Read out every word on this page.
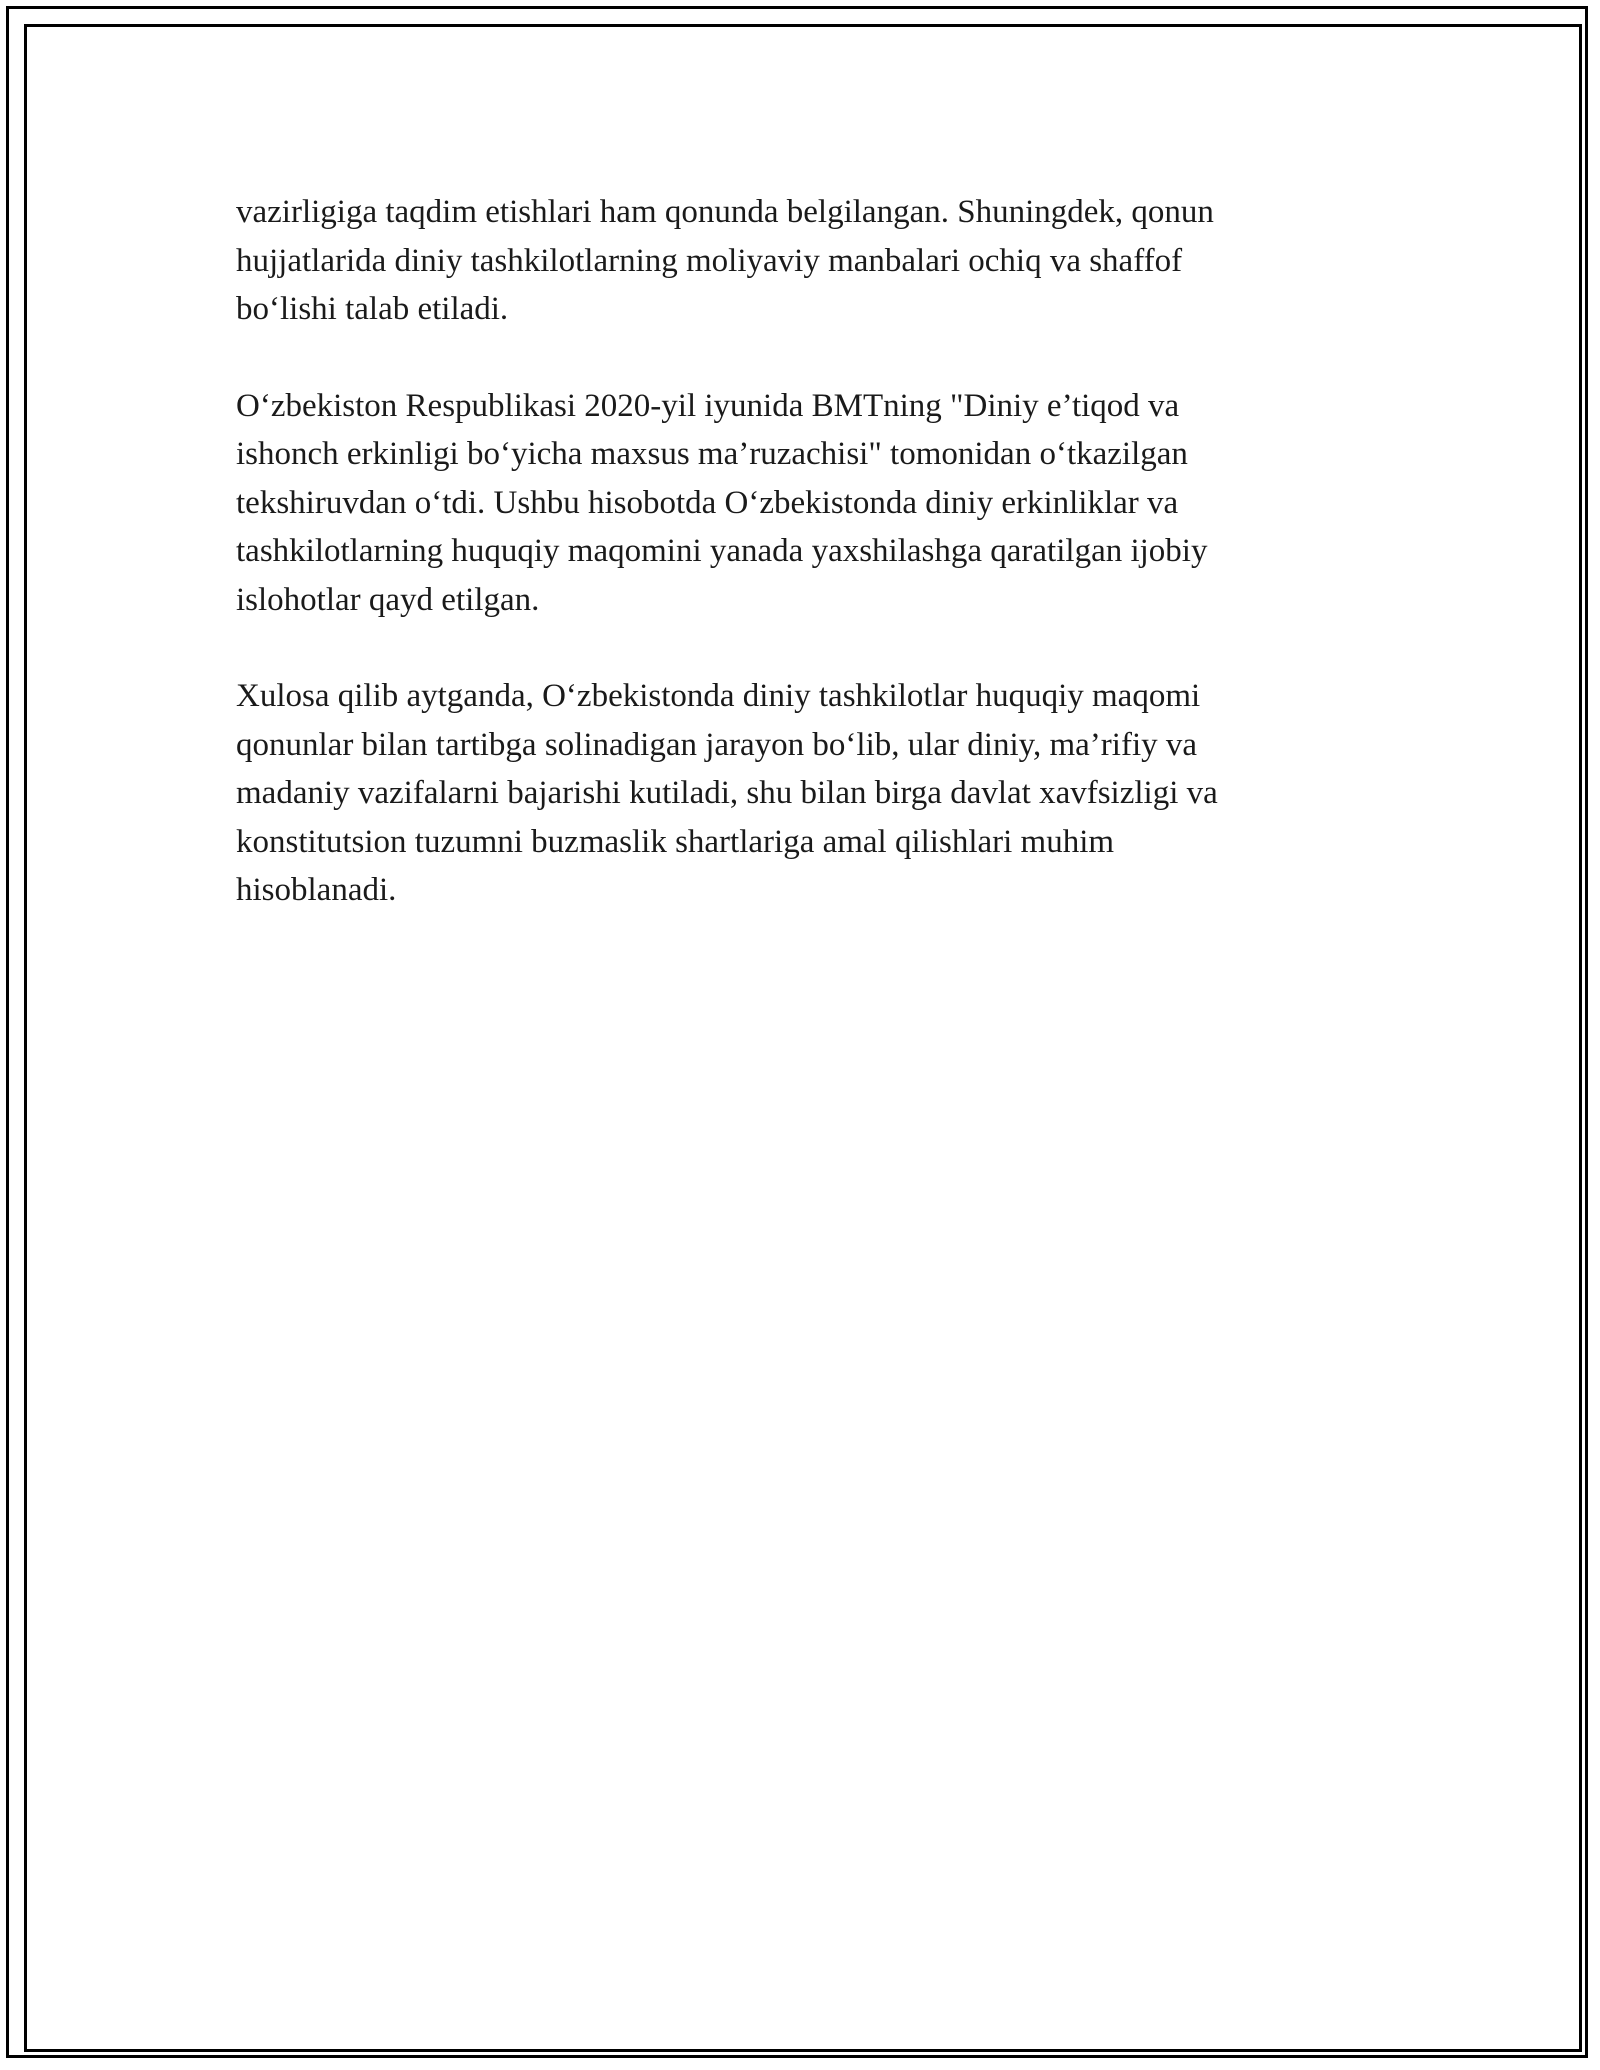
vazirligiga taqdim etishlari ham qonunda belgilangan. Shuningdek, qonun
hujjatlarida diniy tashkilotlarning moliyaviy manbalari ochiq va shaffof
bo‘lishi talab etiladi.

O‘zbekiston Respublikasi 2020-yil iyunida BMTning "Diniy e’tiqod va
ishonch erkinligi bo‘yicha maxsus ma’ruzachisi" tomonidan o‘tkazilgan
tekshiruvdan o‘tdi. Ushbu hisobotda O‘zbekistonda diniy erkinliklar va
tashkilotlarning huquqiy maqomini yanada yaxshilashga qaratilgan ijobiy
islohotlar qayd etilgan.

Xulosa qilib aytganda, O‘zbekistonda diniy tashkilotlar huquqiy maqomi
qonunlar bilan tartibga solinadigan jarayon bo‘lib, ular diniy, ma’rifiy va
madaniy vazifalarni bajarishi kutiladi, shu bilan birga davlat xavfsizligi va
konstitutsion tuzumni buzmaslik shartlariga amal qilishlari muhim
hisoblanadi.
